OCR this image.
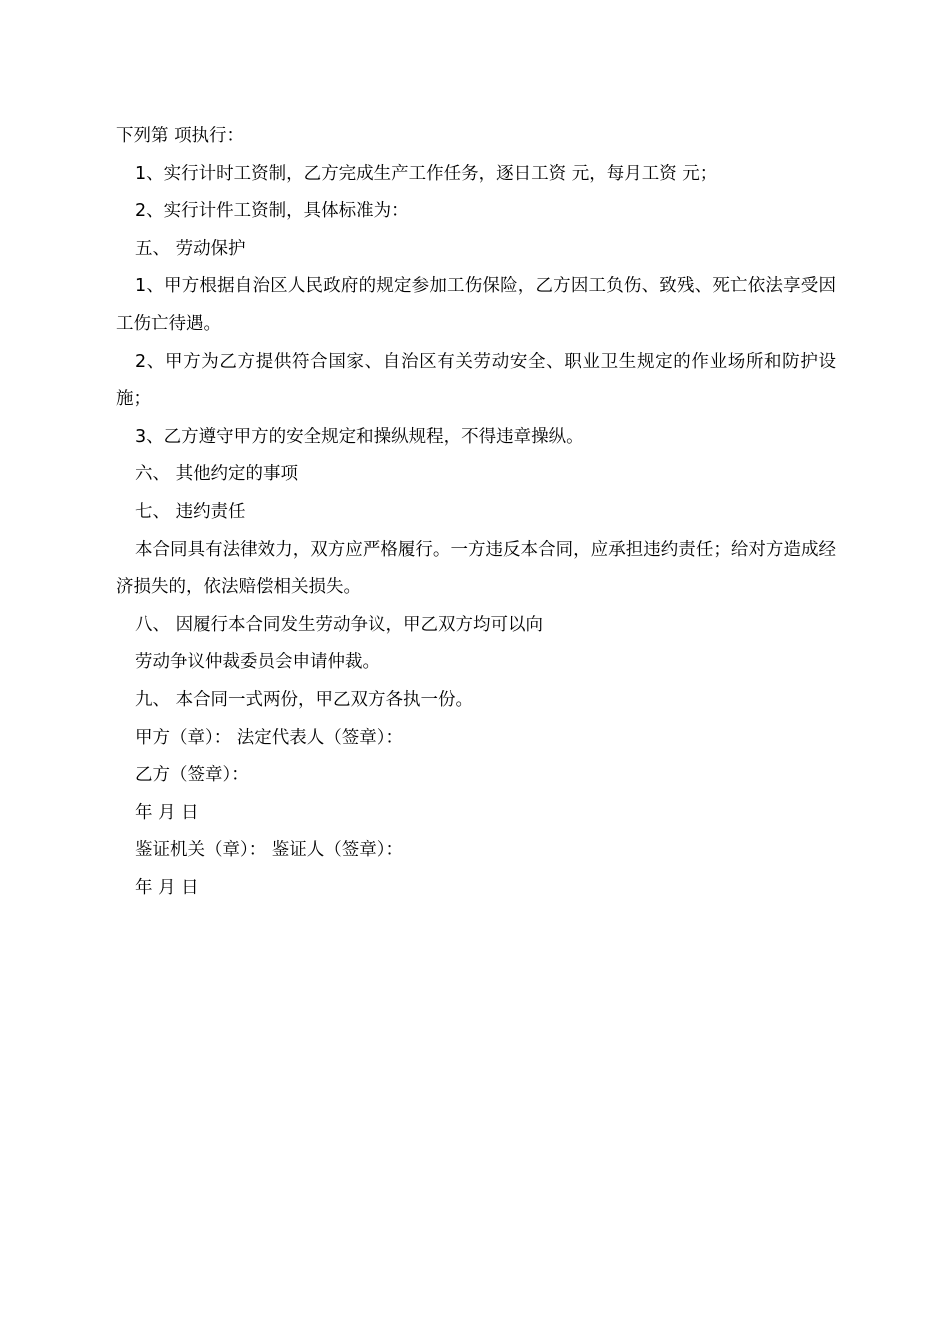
下列第 项执行：

1、实行计时工资制，乙方完成生产工作任务，逐日工资 元，每月工资 元；

2、实行计件工资制，具体标准为：

五、 劳动保护

1、甲方根据自治区人民政府的规定参加工伤保险，乙方因工负伤、致残、死亡依法享受因工伤亡待遇。

2、甲方为乙方提供符合国家、自治区有关劳动安全、职业卫生规定的作业场所和防护设施；

3、乙方遵守甲方的安全规定和操纵规程，不得违章操纵。

六、 其他约定的事项

七、 违约责任

本合同具有法律效力，双方应严格履行。一方违反本合同，应承担违约责任；给对方造成经济损失的，依法赔偿相关损失。

八、 因履行本合同发生劳动争议，甲乙双方均可以向

劳动争议仲裁委员会申请仲裁。

九、 本合同一式两份，甲乙双方各执一份。

甲方（章）： 法定代表人（签章）：

乙方（签章）：

年 月 日

鉴证机关（章）： 鉴证人（签章）：

年 月 日
